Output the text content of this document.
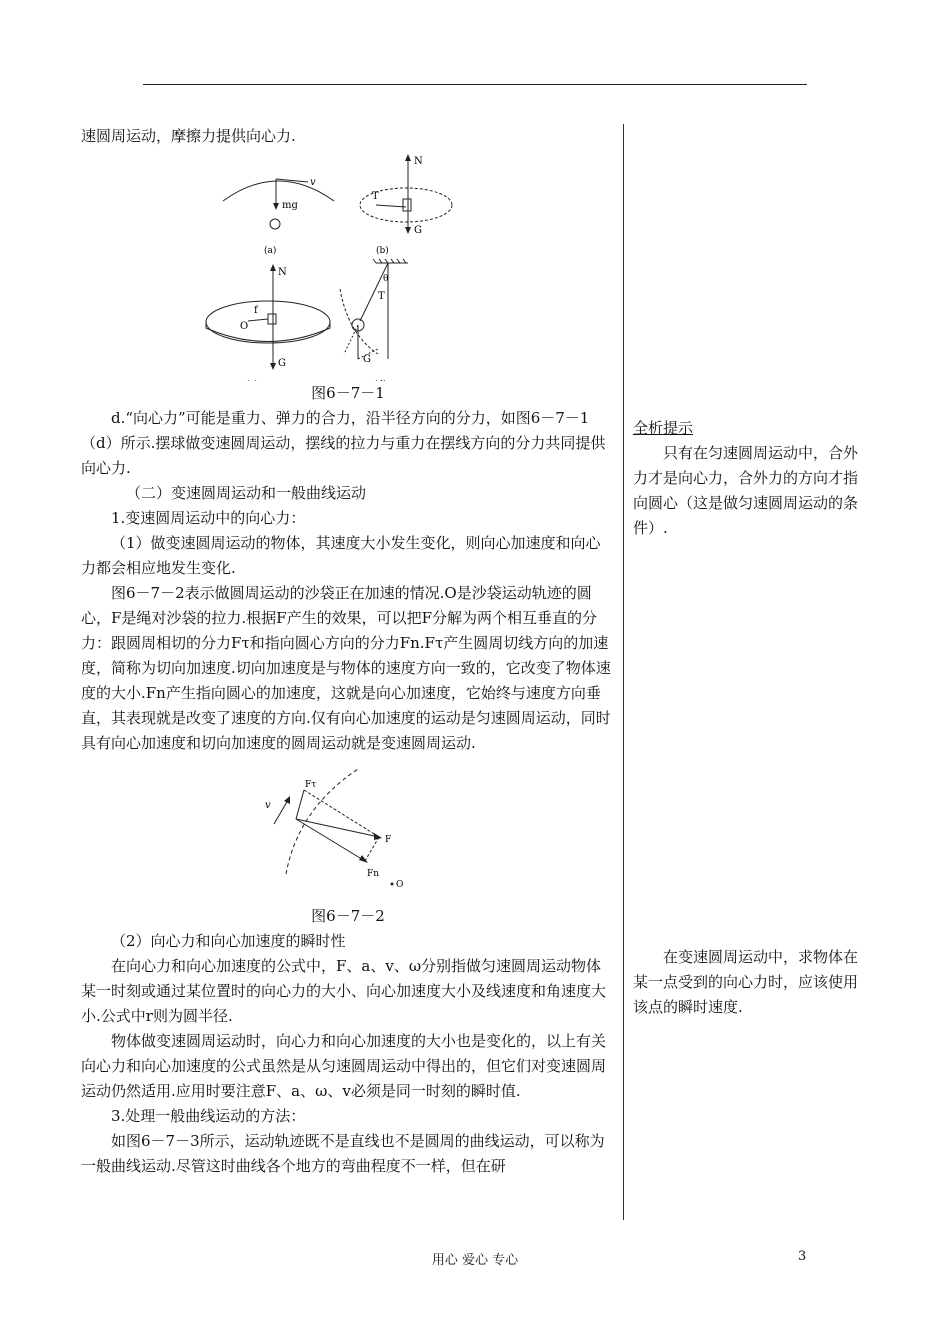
速圆周运动，摩擦力提供向心力.

v
mg
(a)
N
G
T
(b)
N
G
f
O
θ
T
G

图6－7－1

d.“向心力”可能是重力、弹力的合力，沿半径方向的分力，如图6－7－1（d）所示.摆球做变速圆周运动，摆线的拉力与重力在摆线方向的分力共同提供向心力.

（二）变速圆周运动和一般曲线运动

1.变速圆周运动中的向心力：

（1）做变速圆周运动的物体，其速度大小发生变化，则向心加速度和向心力都会相应地发生变化.

图6－7－2表示做圆周运动的沙袋正在加速的情况.O是沙袋运动轨迹的圆心，F是绳对沙袋的拉力.根据F产生的效果，可以把F分解为两个相互垂直的分力：跟圆周相切的分力Fτ和指向圆心方向的分力Fn.Fτ产生圆周切线方向的加速度，简称为切向加速度.切向加速度是与物体的速度方向一致的，它改变了物体速度的大小.Fn产生指向圆心的加速度，这就是向心加速度，它始终与速度方向垂直，其表现就是改变了速度的方向.仅有向心加速度的运动是匀速圆周运动，同时具有向心加速度和切向加速度的圆周运动就是变速圆周运动.

v
Fτ
F
Fn
O

图6－7－2

（2）向心力和向心加速度的瞬时性

在向心力和向心加速度的公式中，F、a、v、ω分别指做匀速圆周运动物体某一时刻或通过某位置时的向心力的大小、向心加速度大小及线速度和角速度大小.公式中r则为圆半径.

物体做变速圆周运动时，向心力和向心加速度的大小也是变化的，以上有关向心力和向心加速度的公式虽然是从匀速圆周运动中得出的，但它们对变速圆周运动仍然适用.应用时要注意F、a、ω、v必须是同一时刻的瞬时值.

3.处理一般曲线运动的方法：

如图6－7－3所示，运动轨迹既不是直线也不是圆周的曲线运动，可以称为一般曲线运动.尽管这时曲线各个地方的弯曲程度不一样，但在研

全析提示

只有在匀速圆周运动中，合外力才是向心力，合外力的方向才指向圆心（这是做匀速圆周运动的条件）.

在变速圆周运动中，求物体在某一点受到的向心力时，应该使用该点的瞬时速度.

用心 爱心 专心	3
